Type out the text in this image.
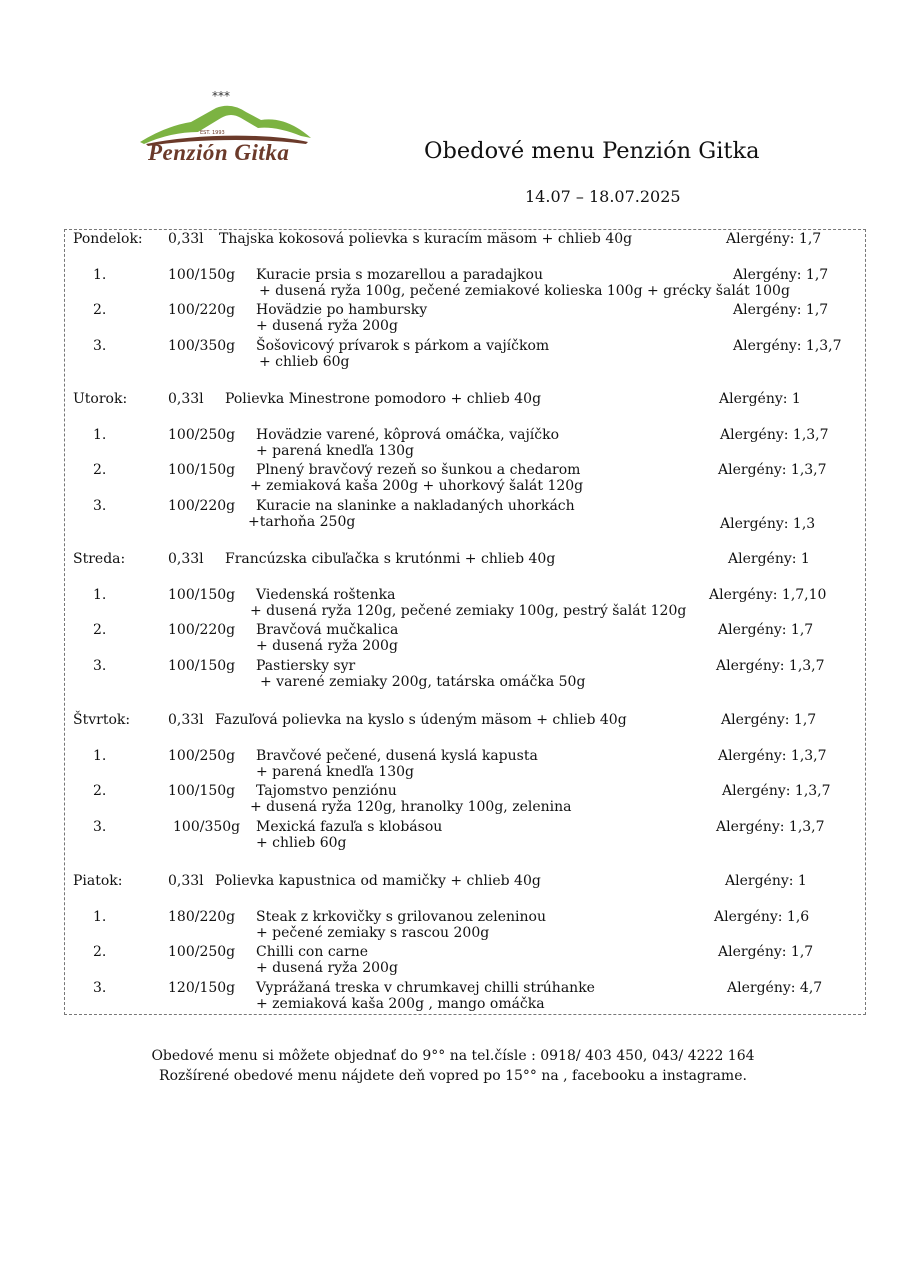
***
EST. 1993
Penzión Gitka	Obedové menu Penzión Gitka
14.07 – 18.07.2025
Pondelok: 0,33l Thajska kokosová polievka s kuracím mäsom + chlieb 40g	Alergény: 1,7
1.	100/150g Kuracie prsia s mozarellou a paradajkou
+ dusená ryža 100g, pečené zemiakové kolieska 100g + grécky šalát 100g
Alergény: 1,7
2.	100/220g Hovädzie po hambursky
+ dusená ryža 200g
Alergény: 1,7
3.	100/350g Šošovicový prívarok s párkom a vajíčkom
+ chlieb 60g
Alergény: 1,3,7
Utorok:	0,33l Polievka Minestrone pomodoro + chlieb 40g	Alergény: 1
1.	100/250g Hovädzie varené, kôprová omáčka, vajíčko
+ parená knedľa 130g
Alergény: 1,3,7
2.	100/150g Plnený bravčový rezeň so šunkou a chedarom
+ zemiaková kaša 200g + uhorkový šalát 120g
Alergény: 1,3,7
3.	100/220g Kuracie na slaninke a nakladaných uhorkách
+tarhoňa 250g	Alergény: 1,3
Streda:	0,33l Francúzska cibuľačka s krutónmi + chlieb 40g	Alergény: 1
1.	100/150g Viedenská roštenka
+ dusená ryža 120g, pečené zemiaky 100g, pestrý šalát 120g
Alergény: 1,7,10
2.	100/220g Bravčová mučkalica
+ dusená ryža 200g
Alergény: 1,7
3.	100/150g Pastiersky syr
+ varené zemiaky 200g, tatárska omáčka 50g
Alergény: 1,3,7
Štvrtok:	0,33l Fazuľová polievka na kyslo s údeným mäsom + chlieb 40g	Alergény: 1,7
1.	100/250g Bravčové pečené, dusená kyslá kapusta
+ parená knedľa 130g
Alergény: 1,3,7
2.	100/150g Tajomstvo penziónu
+ dusená ryža 120g, hranolky 100g, zelenina
Alergény: 1,3,7
3.	100/350g Mexická fazuľa s klobásou
+ chlieb 60g
Alergény: 1,3,7
Piatok:	0,33l Polievka kapustnica od mamičky + chlieb 40g	Alergény: 1
1.	180/220g Steak z krkovičky s grilovanou zeleninou
+ pečené zemiaky s rascou 200g
Alergény: 1,6
2.	100/250g Chilli con carne
+ dusená ryža 200g
Alergény: 1,7
3.	120/150g Vyprážaná treska v chrumkavej chilli strúhanke
+ zemiaková kaša 200g , mango omáčka
Alergény: 4,7
Obedové menu si môžete objednať do 9°° na tel.čísle : 0918/ 403 450, 043/ 4222 164
Rozšírené obedové menu nájdete deň vopred po 15°° na , facebooku a instagrame.
